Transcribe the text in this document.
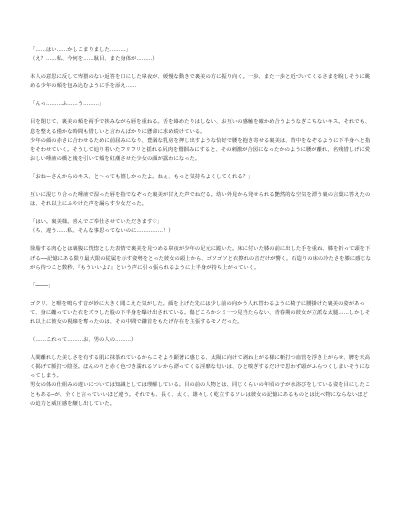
「……はい……かしこまりました………」
（え？……私、今何を……駄目、また身体が………）

本人の意思に反して卑猥のない返答を口にした皐夜が、緩慢な動きで裏美の方に振り向く。一歩、また一歩と近づいてくるさまを睨しそうに眺める少年の頬を包み込むように手を添え……

「んっ………ふ……う………」

目を閉じて、裏美の頬を両手で挟みながら唇を重ねる。舌を絡めたりはしない、お互いの感触を確かめ合うようなぎこちないキス。それでも、息を整える僅かな時間も惜しいと言わんばかりに懸命に求め続けている。
少年の顔の赤さに合わせるために前屈みになり、豊満な乳房を押し出すような恰好で腰を抱き寄せる裏美は、背中をなぞるように下半身へと指をそわせていく。そうして辿り着いたフリフリと揺れる尻肉を鷲掴みにすると、その刺激が合図になったかのように腰が離れ、名残惜しげに愛おしい唾液の橋と後を引いて頬を紅潮させた少女の顔が露わになった。

「おねーさんからのキス、と～っても嬉しかったよ。ねぇ、もっと気持ちよくしてくれる？」

互いに混じり合った唾液で湿った唇を指でなぞった裏美が甘えた声でねだる。幼い外見から発せられる艶然的な空気を漂う裏の言葉に答えたのは、それ以上にふやけた声を漏らす少女だった。

「はい。裏美様。喜んでご奉仕させていただきます♡」
（ち、違う……私、そんな事思ってないのに……………！）

徐脂する肉心とは裏腹に恍惚とした表情で裏美を見つめる皐夜が少年の足元に跪いた。床に付いた膝の前に出した手を重ね、膝を折って頭を下げる──記憶にある限り最大限の従属を示す姿勢をとった彼女の頭上から、ゴソゴソと衣擦れの音だけが響く。石造りの床の冷たさを膝に感じながら待つこと数秒、『もういいよ♪』という声に引っ張られるように上半身が持ち上がっていく。

「────」

ゴクリ、と喉を鳴らす音が妙に大きく聞こえた気がした。顔を上げた先には少し前の向かう人れ替わるように椅子に腰掛けた裏美の姿があって、身に纏っていた衣をズラした股の下半身を曝け出されている。傷どころかシミ一つ見当たらない、青春期の彼女が立派な太腿……しかしそれ以上に彼女の視線を奪ったのは、その中間で鎌首をもたげ存在を主張するモノだった。

（……これって………お、男の人の………）

人間離れした美しさを有する肌に抹茶れているからこそより顕著に感じる、太陽に向けて剥ね上がる様に斬打つ血管を浮き上がらせ、脾を天高く掲げて脈打つ陰茎。ほんのりと赤く色づき濡れるソレから漂ってくる淫靡な匂いは、ひと嗅ぎするだけで思わず頭がふらつくしまいそうになってしまう。
男女の体の仕組みの違いについては知識としては理解している。目の前の人物とは、同じくらいの年頃の子が水浴びをしている姿を目にしたこともある─が、全くと言っていいほど違う。それでも、長く、太く、雄々しく屹立するソレは彼女の記憶にあるものとは比べ物にならないほどの迫力と威圧感を醸し出していた。
